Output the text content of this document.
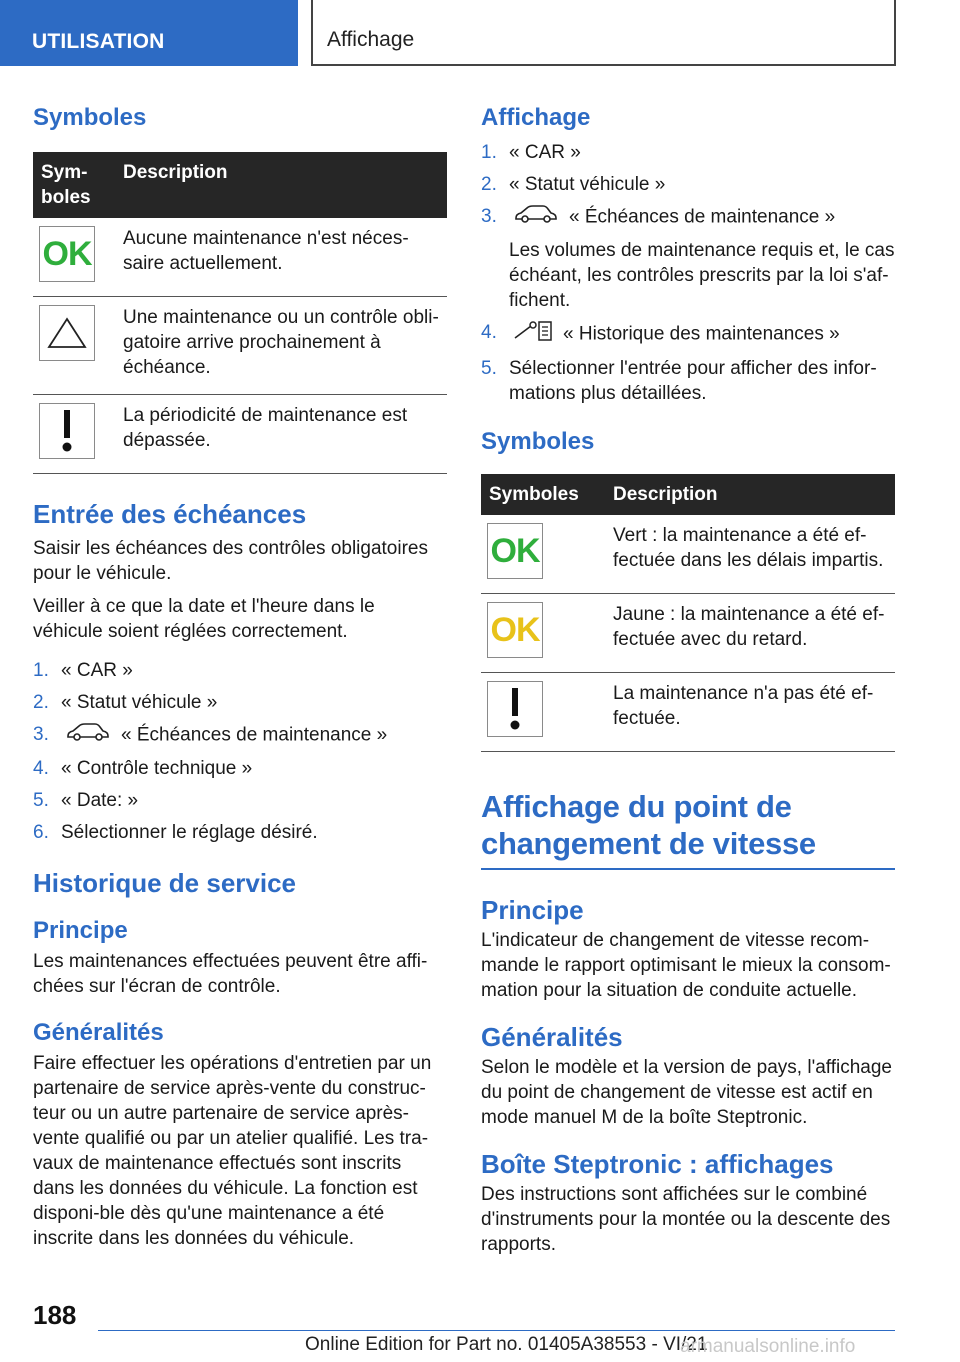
UTILISATION	Affichage
Symboles
Sym-boles	Description

OK	Aucune maintenance n'est néces-saire actuellement.

	Une maintenance ou un contrôle obli-gatoire arrive prochainement à échéance.

	La périodicité de maintenance est dépassée.
Entrée des échéances

Saisir les échéances des contrôles obligatoires pour le véhicule.

Veiller à ce que la date et l'heure dans le véhicule soient réglées correctement.

1. « CAR »
2. « Statut véhicule »
3.	« Échéances de maintenance »
4. « Contrôle technique »
5. « Date: »
6. Sélectionner le réglage désiré.
Historique de service
Principe

Les maintenances effectuées peuvent être affi-chées sur l'écran de contrôle.

Généralités

Faire effectuer les opérations d'entretien par un partenaire de service après-vente du construc-teur ou un autre partenaire de service après-vente qualifié ou par un atelier qualifié. Les tra-vaux de maintenance effectués sont inscrits dans les données du véhicule. La fonction est disponi-ble dès qu'une maintenance a été inscrite dans les données du véhicule.

Affichage
1. « CAR »
2. « Statut véhicule »
3.	« Échéances de maintenance »
Les volumes de maintenance requis et, le cas échéant, les contrôles prescrits par la loi s'af-fichent.
4.	« Historique des maintenances »
5. Sélectionner l'entrée pour afficher des infor-mations plus détaillées.
Symboles
Symboles	Description

OK	Vert : la maintenance a été ef-fectuée dans les délais impartis.

OK	Jaune : la maintenance a été ef-fectuée avec du retard.

	La maintenance n'a pas été ef-fectuée.
Affichage du point de changement de vitesse
Principe

L'indicateur de changement de vitesse recom-mande le rapport optimisant le mieux la consom-mation pour la situation de conduite actuelle.

Généralités

Selon le modèle et la version de pays, l'affichage du point de changement de vitesse est actif en mode manuel M de la boîte Steptronic.

Boîte Steptronic : affichages

Des instructions sont affichées sur le combiné d'instruments pour la montée ou la descente des rapports.

188
Online Edition for Part no. 01405A38553 - VI/21
armanualsonline.info
